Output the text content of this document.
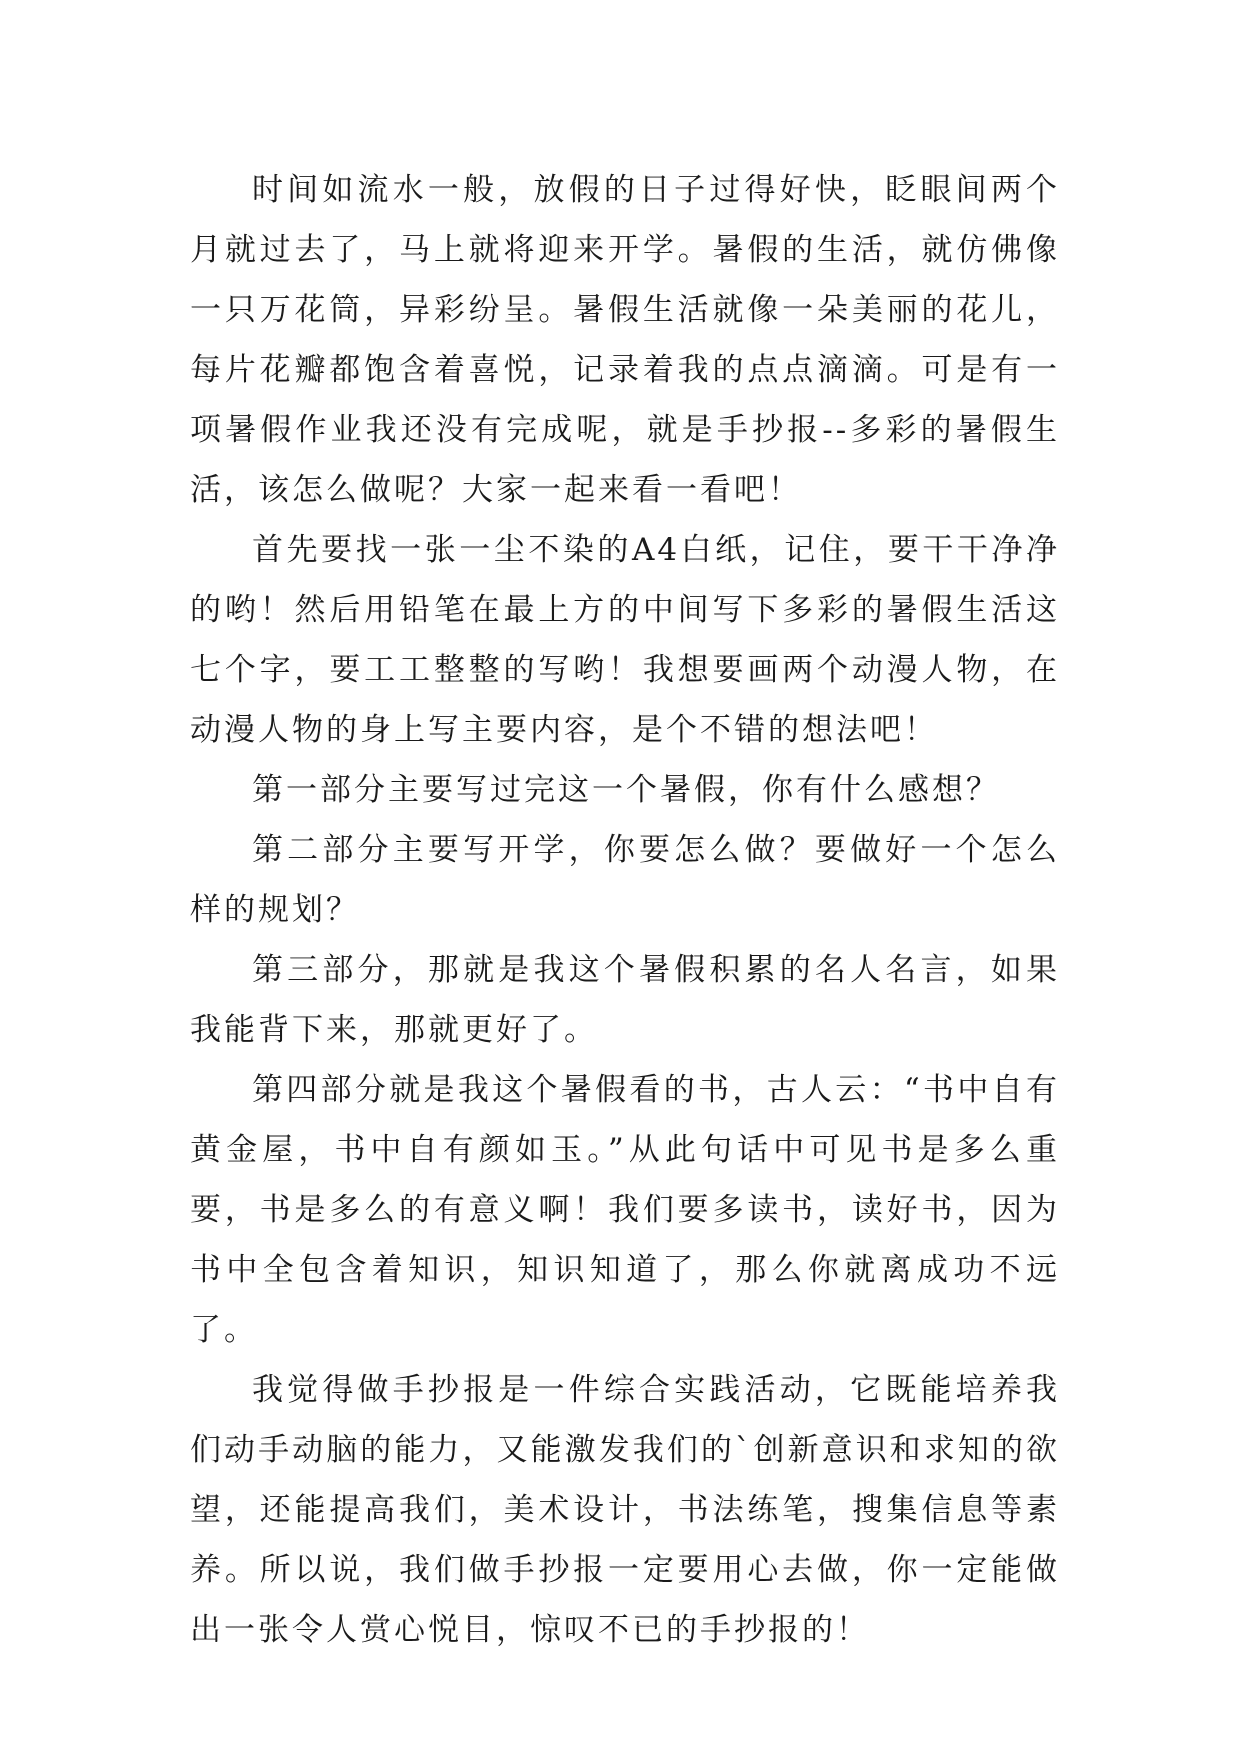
时间如流水一般，放假的日子过得好快，眨眼间两个月就过去了，马上就将迎来开学。暑假的生活，就仿佛像一只万花筒，异彩纷呈。暑假生活就像一朵美丽的花儿，每片花瓣都饱含着喜悦，记录着我的点点滴滴。可是有一项暑假作业我还没有完成呢，就是手抄报--多彩的暑假生活，该怎么做呢？大家一起来看一看吧！

首先要找一张一尘不染的A4白纸，记住，要干干净净的哟！然后用铅笔在最上方的中间写下多彩的暑假生活这七个字，要工工整整的写哟！我想要画两个动漫人物，在动漫人物的身上写主要内容，是个不错的想法吧！

第一部分主要写过完这一个暑假，你有什么感想？

第二部分主要写开学，你要怎么做？要做好一个怎么样的规划？

第三部分，那就是我这个暑假积累的名人名言，如果我能背下来，那就更好了。

第四部分就是我这个暑假看的书，古人云：“书中自有黄金屋，书中自有颜如玉。”从此句话中可见书是多么重要，书是多么的有意义啊！我们要多读书，读好书，因为书中全包含着知识，知识知道了，那么你就离成功不远了。

我觉得做手抄报是一件综合实践活动，它既能培养我们动手动脑的能力，又能激发我们的`创新意识和求知的欲望，还能提高我们，美术设计，书法练笔，搜集信息等素养。所以说，我们做手抄报一定要用心去做，你一定能做出一张令人赏心悦目，惊叹不已的手抄报的！
